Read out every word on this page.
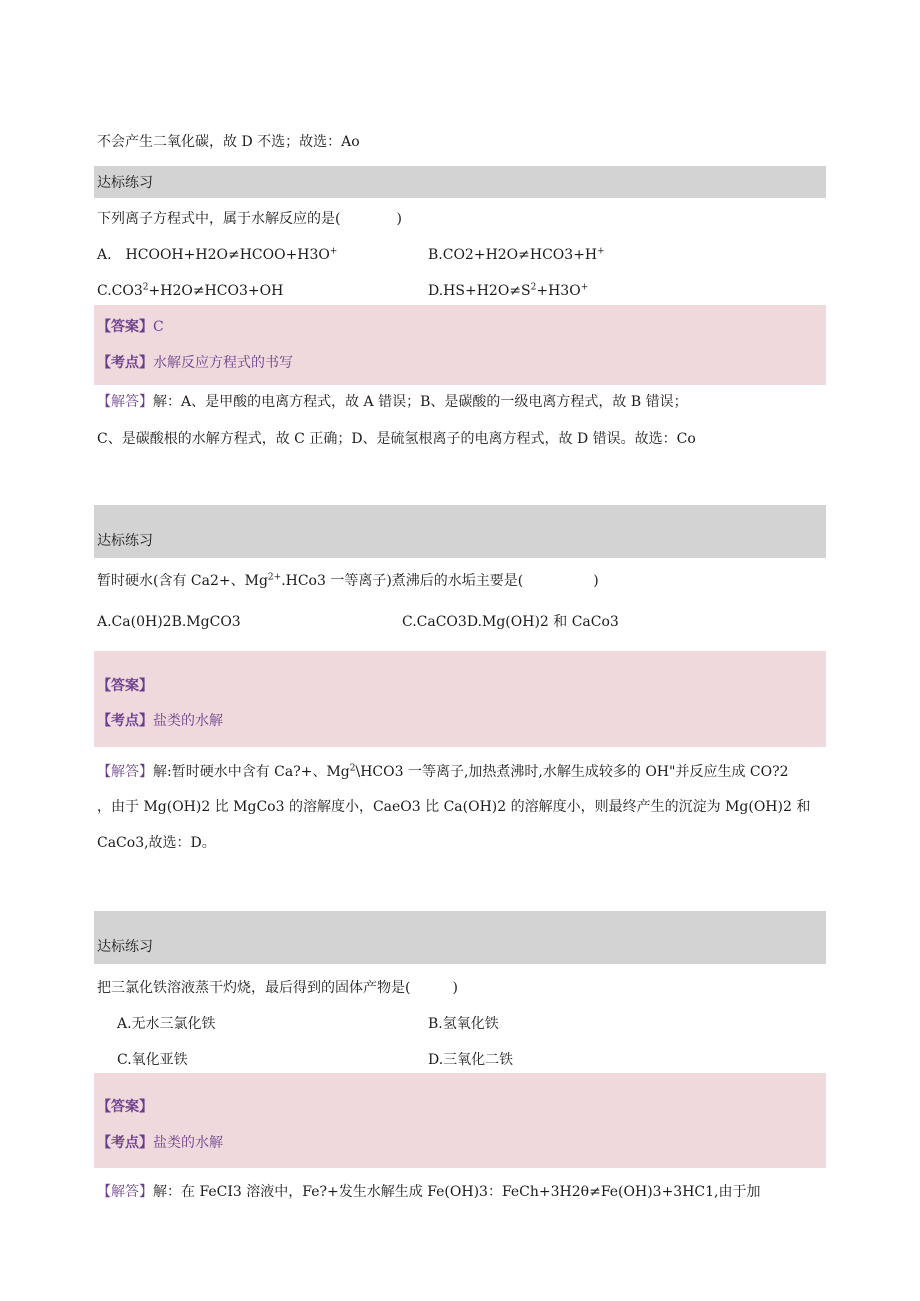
不会产生二氧化碳，故 D 不选；故选：Ao
达标练习
下列离子方程式中，属于水解反应的是(　　　　)
A.　HCOOH+H2O≠HCOO+H3O+	B.CO2+H2O≠HCO3+H+
$C.CO3^2+H2O\ne HCO3+OH$	$D.HS+H2O\ne S^2+H3O^+$
【答案】C
【考点】水解反应方程式的书写
【解答】解：A、是甲酸的电离方程式，故 A 错误；B、是碳酸的一级电离方程式，故 B 错误；
C、是碳酸根的水解方程式，故 C 正确；D、是硫氢根离子的电离方程式，故 D 错误。故选：Co
达标练习
暂时硬水(含有 Ca2+、$Mg^{2+}.HCo3$ 一等离子)煮沸后的水垢主要是(　　　　　)
A.Ca(0H)2B.MgCO3	C.CaCO3D.Mg(OH)2 和 CaCo3
【答案】
【考点】盐类的水解
【解答】解:暂时硬水中含有 Ca?+、$Mg^2\backslash HCO3$ 一等离子,加热煮沸时,水解生成较多的 OH"并反应生成 CO?2
，由于 Mg(OH)2 比 MgCo3 的溶解度小，CaeO3 比 Ca(OH)2 的溶解度小，则最终产生的沉淀为 Mg(OH)2 和
CaCo3,故选：D。
达标练习
把三氯化铁溶液蒸干灼烧，最后得到的固体产物是(　　　)
A.无水三氯化铁	B.氢氧化铁
C.氧化亚铁	D.三氧化二铁
【答案】
【考点】盐类的水解
【解答】解：在 FeCI3 溶液中，Fe?+发生水解生成 Fe(OH)3：FeCh+3H2θ≠Fe(OH)3+3HC1,由于加
